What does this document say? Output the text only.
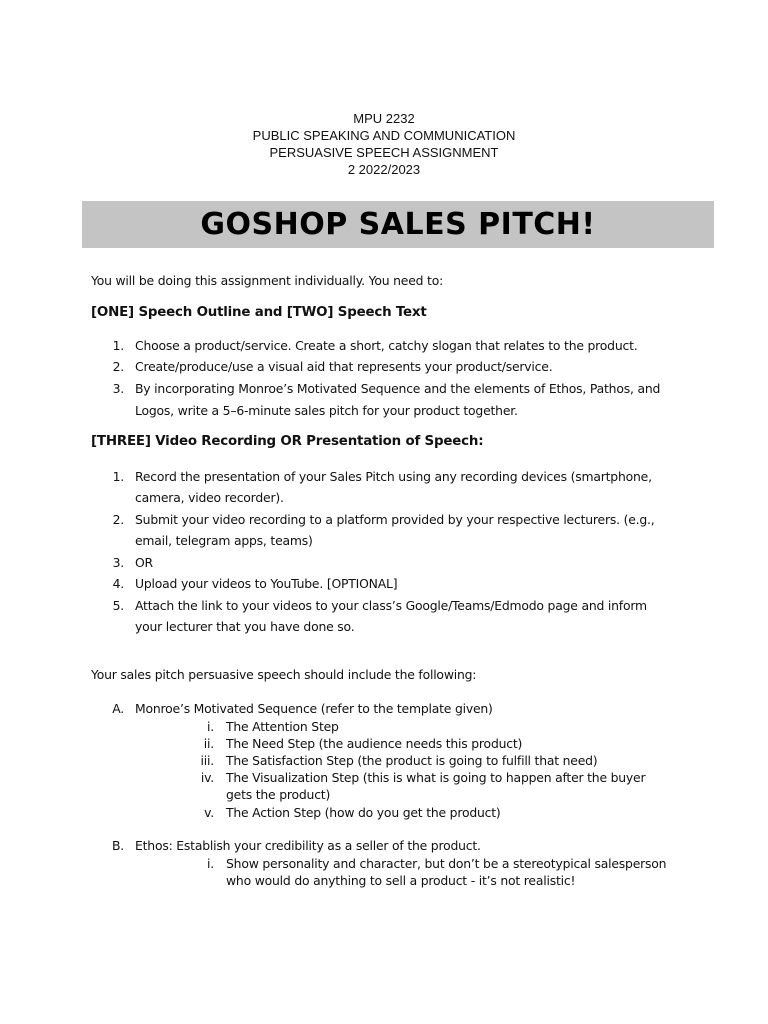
MPU 2232
PUBLIC SPEAKING AND COMMUNICATION
PERSUASIVE SPEECH ASSIGNMENT
2 2022/2023
GOSHOP SALES PITCH!
You will be doing this assignment individually. You need to:
[ONE] Speech Outline and [TWO] Speech Text
1. Choose a product/service. Create a short, catchy slogan that relates to the product.
2. Create/produce/use a visual aid that represents your product/service.
3. By incorporating Monroe’s Motivated Sequence and the elements of Ethos, Pathos, and
Logos, write a 5–6-minute sales pitch for your product together.
[THREE] Video Recording OR Presentation of Speech:
1. Record the presentation of your Sales Pitch using any recording devices (smartphone,
camera, video recorder).
2. Submit your video recording to a platform provided by your respective lecturers. (e.g.,
email, telegram apps, teams)
3. OR
4. Upload your videos to YouTube. [OPTIONAL]
5. Attach the link to your videos to your class’s Google/Teams/Edmodo page and inform
your lecturer that you have done so.
Your sales pitch persuasive speech should include the following:
A. Monroe’s Motivated Sequence (refer to the template given)
i. The Attention Step
ii. The Need Step (the audience needs this product)
iii. The Satisfaction Step (the product is going to fulfill that need)
iv. The Visualization Step (this is what is going to happen after the buyer
gets the product)
v. The Action Step (how do you get the product)
B. Ethos: Establish your credibility as a seller of the product.
i. Show personality and character, but don’t be a stereotypical salesperson
who would do anything to sell a product - it’s not realistic!
